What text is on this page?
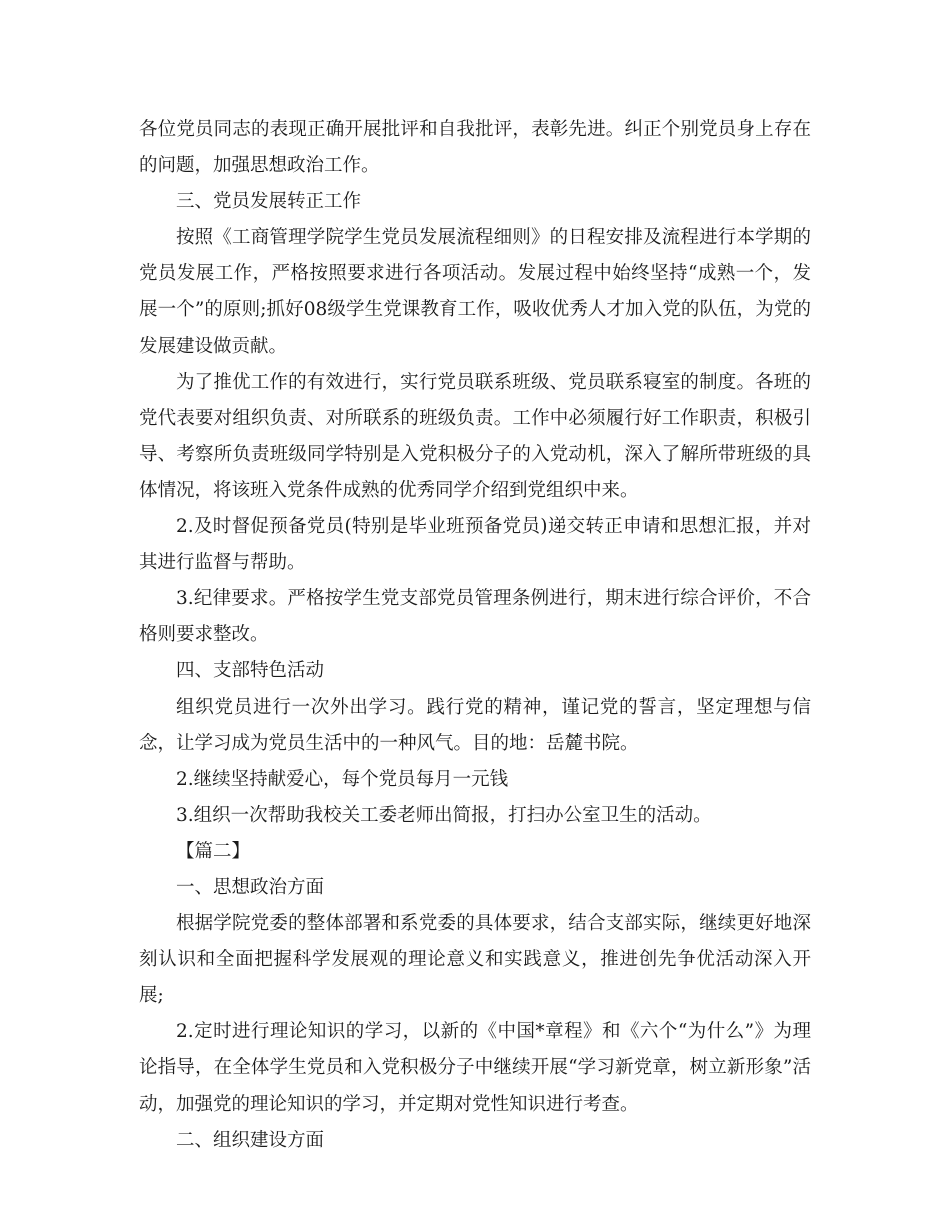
各位党员同志的表现正确开展批评和自我批评，表彰先进。纠正个别党员身上存在的问题，加强思想政治工作。

三、党员发展转正工作

按照《工商管理学院学生党员发展流程细则》的日程安排及流程进行本学期的党员发展工作，严格按照要求进行各项活动。发展过程中始终坚持“成熟一个，发展一个”的原则;抓好08级学生党课教育工作，吸收优秀人才加入党的队伍，为党的发展建设做贡献。

为了推优工作的有效进行，实行党员联系班级、党员联系寝室的制度。各班的党代表要对组织负责、对所联系的班级负责。工作中必须履行好工作职责，积极引导、考察所负责班级同学特别是入党积极分子的入党动机，深入了解所带班级的具体情况，将该班入党条件成熟的优秀同学介绍到党组织中来。

2.及时督促预备党员(特别是毕业班预备党员)递交转正申请和思想汇报，并对其进行监督与帮助。

3.纪律要求。严格按学生党支部党员管理条例进行，期末进行综合评价，不合格则要求整改。

四、支部特色活动

组织党员进行一次外出学习。践行党的精神，谨记党的誓言，坚定理想与信念，让学习成为党员生活中的一种风气。目的地：岳麓书院。

2.继续坚持献爱心，每个党员每月一元钱

3.组织一次帮助我校关工委老师出简报，打扫办公室卫生的活动。

【篇二】

一、思想政治方面

根据学院党委的整体部署和系党委的具体要求，结合支部实际，继续更好地深刻认识和全面把握科学发展观的理论意义和实践意义，推进创先争优活动深入开展;

2.定时进行理论知识的学习，以新的《中国*章程》和《六个“为什么”》为理论指导，在全体学生党员和入党积极分子中继续开展“学习新党章，树立新形象”活动，加强党的理论知识的学习，并定期对党性知识进行考查。

二、组织建设方面
